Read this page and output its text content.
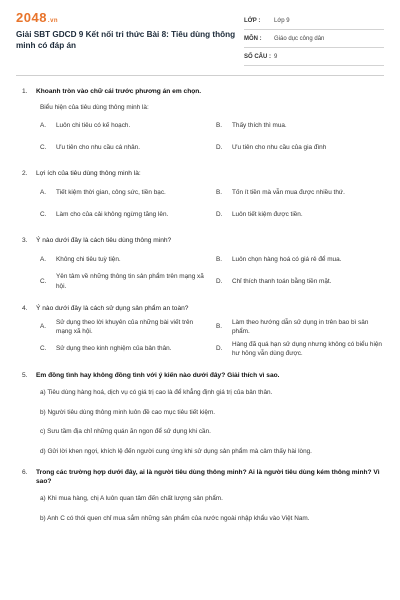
2048.vn
Giải SBT GDCD 9 Kết nối tri thức Bài 8: Tiêu dùng thông minh có đáp án
LỚP :	Lớp 9
MÔN :	Giáo dục công dân
SỐ CÂU : 9
1.	Khoanh tròn vào chữ cái trước phương án em chọn.
Biểu hiện của tiêu dùng thông minh là:
A.	Luôn chi tiêu có kế hoạch.	B.	Thấy thích thì mua.
C.	Ưu tiên cho nhu cầu cá nhân.	D.	Ưu tiên cho nhu cầu của gia đình
2.	Lợi ích của tiêu dùng thông minh là:
A.	Tiết kiệm thời gian, công sức, tiền bạc.	B.	Tốn ít tiền mà vẫn mua được nhiều thứ.
C.	Làm cho của cải không ngừng tăng lên.	D.	Luôn tiết kiệm được tiền.
3.	Ý nào dưới đây là cách tiêu dùng thông minh?
A.	Không chi tiêu tuỳ tiện.	B.	Luôn chọn hàng hoá có giá rẻ để mua.
C.
Yên tâm về những thông tin sản phẩm trên mạng xã hội.
D.	Chỉ thích thanh toán bằng tiền mặt.
4.	Ý nào dưới đây là cách sử dụng sản phẩm an toàn?
A.
Sử dụng theo lời khuyên của những bài viết trên mạng xã hội.
B.
Làm theo hướng dẫn sử dụng in trên bao bì sản phẩm.
C.	Sử dụng theo kinh nghiệm của bản thân.	D.
Hàng đã quá hạn sử dụng nhưng không có biểu hiện hư hỏng vẫn dùng được.
5.	Em đồng tình hay không đồng tình với ý kiến nào dưới đây? Giải thích vì sao.
a) Tiêu dùng hàng hoá, dịch vụ có giá trị cao là để khẳng định giá trị của bản thân.
b) Người tiêu dùng thông minh luôn đề cao mục tiêu tiết kiệm.
c) Sưu tầm địa chỉ những quán ăn ngon để sử dụng khi cần.
d) Gửi lời khen ngợi, khích lệ đến người cung ứng khi sử dụng sản phẩm mà cảm thấy hài lòng.
6.	Trong các trường hợp dưới đây, ai là người tiêu dùng thông minh? Ai là người tiêu dùng kém thông minh? Vì sao?
a) Khi mua hàng, chị A luôn quan tâm đến chất lượng sản phẩm.
b) Anh C có thói quen chỉ mua sắm những sản phẩm của nước ngoài nhập khẩu vào Việt Nam.
